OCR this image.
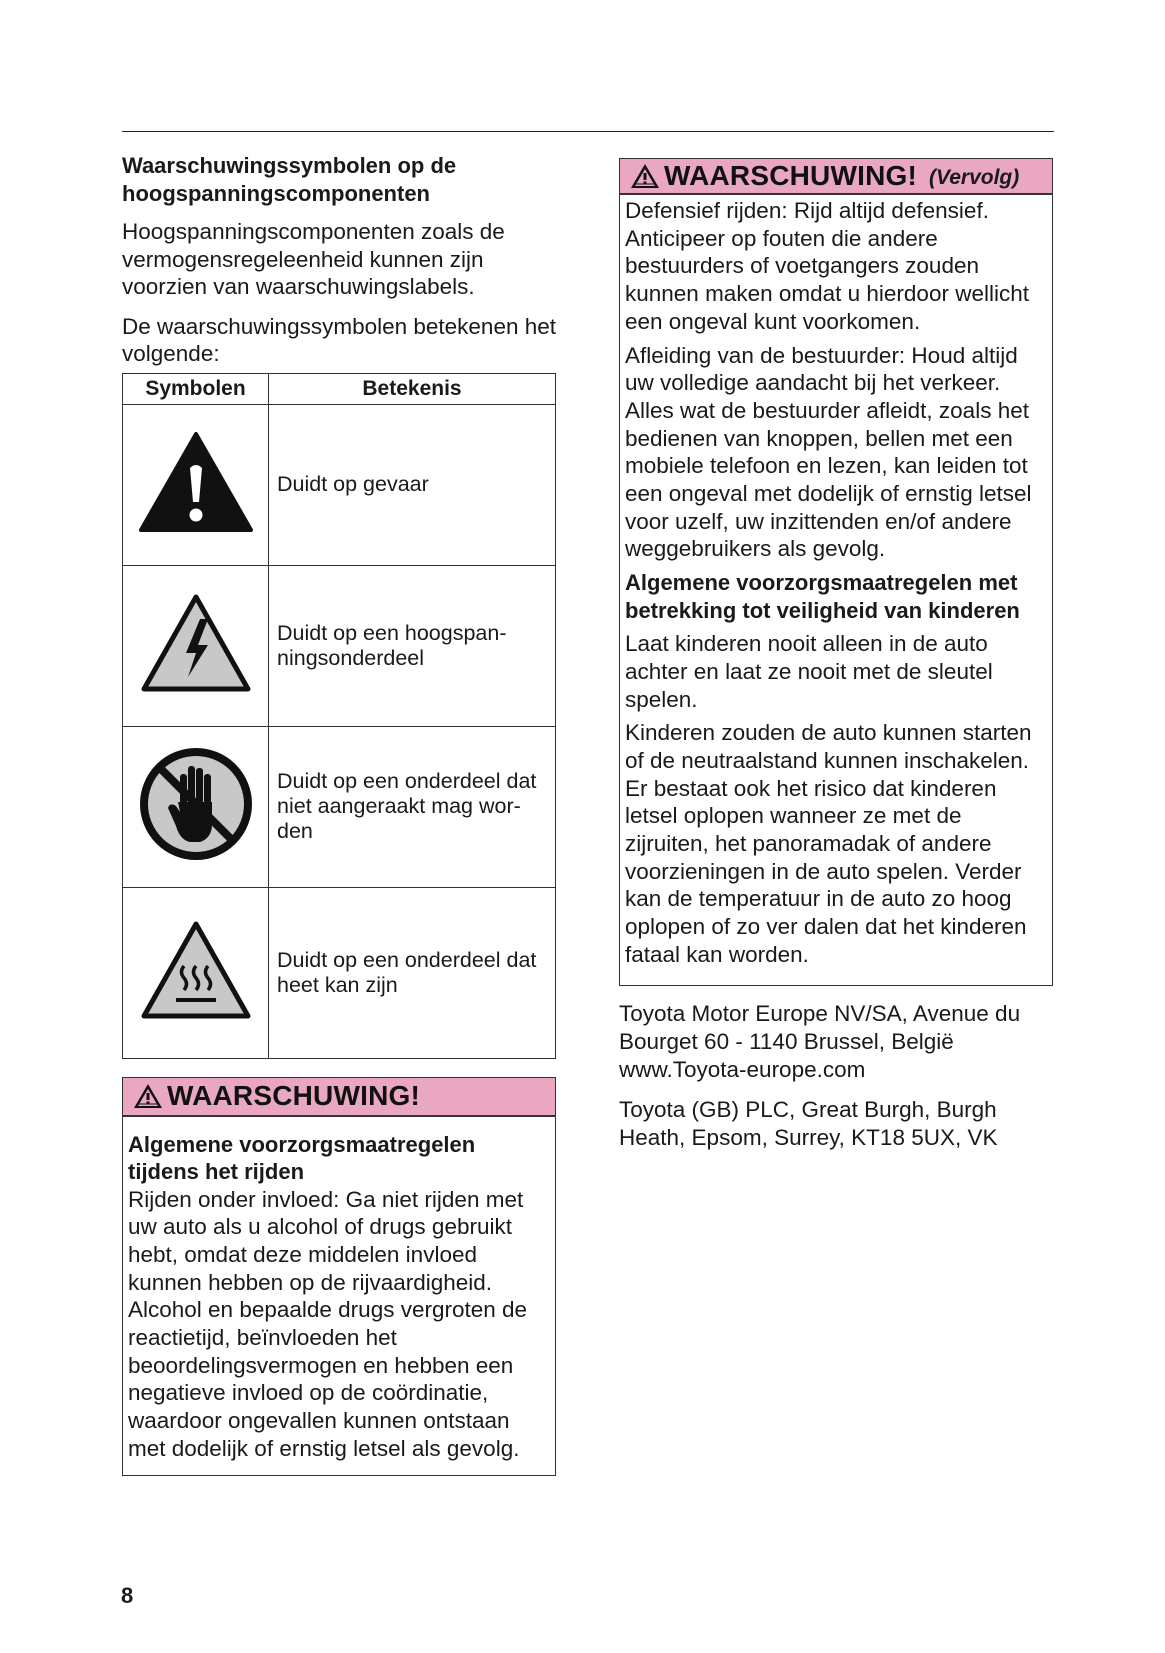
Waarschuwingssymbolen op de hoogspanningscomponenten
Hoogspanningscomponenten zoals de vermogensregeleenheid kunnen zijn voorzien van waarschuwingslabels.
De waarschuwingssymbolen betekenen het volgende:
Symbolen	Betekenis
	Duidt op gevaar
	Duidt op een hoogspan-
ningsonderdeel
	Duidt op een onderdeel dat
niet aangeraakt mag wor-
den
	Duidt op een onderdeel dat
heet kan zijn
WAARSCHUWING!
Algemene voorzorgsmaatregelen tijdens het rijden
Rijden onder invloed: Ga niet rijden met uw auto als u alcohol of drugs gebruikt hebt, omdat deze middelen invloed kunnen hebben op de rijvaardigheid. Alcohol en bepaalde drugs vergroten de reactietijd, beïnvloeden het beoordelingsvermogen en hebben een negatieve invloed op de coördinatie, waardoor ongevallen kunnen ontstaan met dodelijk of ernstig letsel als gevolg.
WAARSCHUWING! (Vervolg)
Defensief rijden: Rijd altijd defensief. Anticipeer op fouten die andere bestuurders of voetgangers zouden kunnen maken omdat u hierdoor wellicht een ongeval kunt voorkomen.
Afleiding van de bestuurder: Houd altijd uw volledige aandacht bij het verkeer. Alles wat de bestuurder afleidt, zoals het bedienen van knoppen, bellen met een mobiele telefoon en lezen, kan leiden tot een ongeval met dodelijk of ernstig letsel voor uzelf, uw inzittenden en/of andere weggebruikers als gevolg.
Algemene voorzorgsmaatregelen met betrekking tot veiligheid van kinderen
Laat kinderen nooit alleen in de auto achter en laat ze nooit met de sleutel spelen.
Kinderen zouden de auto kunnen starten of de neutraalstand kunnen inschakelen. Er bestaat ook het risico dat kinderen letsel oplopen wanneer ze met de zijruiten, het panoramadak of andere voorzieningen in de auto spelen. Verder kan de temperatuur in de auto zo hoog oplopen of zo ver dalen dat het kinderen fataal kan worden.
Toyota Motor Europe NV/SA, Avenue du Bourget 60 - 1140 Brussel, België www.Toyota-europe.com
Toyota (GB) PLC, Great Burgh, Burgh Heath, Epsom, Surrey, KT18 5UX, VK
8
